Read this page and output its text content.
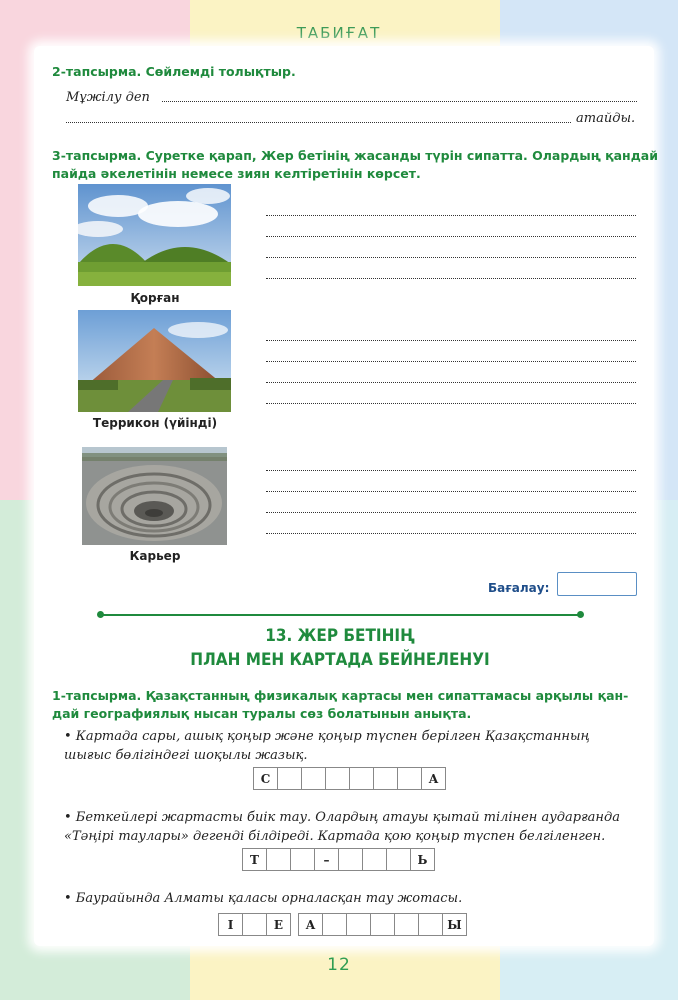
ТАБИҒАТ
2-тапсырма. Сөйлемді толықтыр.
Мұжілу деп
атайды.
3-тапсырма. Суретке қарап, Жер бетінің жасанды түрін сипатта. Олардың қандай
пайда әкелетінін немесе зиян келтіретінін көрсет.
Қорған
Террикон (үйінді)
Карьер
Бағалау:
13. ЖЕР БЕТІНІҢ
ПЛАН МЕН КАРТАДА БЕЙНЕЛЕНУІ
1-тапсырма. Қазақстанның физикалық картасы мен сипаттамасы арқылы қан-
дай географиялық нысан туралы сөз болатынын анықта.
• Картада сары, ашық қоңыр және қоңыр түспен берілген Қазақстанның
шығыс бөлігіндегі шоқылы жазық.
С	А
• Беткейлері жартасты биік тау. Олардың атауы қытай тілінен аударғанда
«Тәңірі таулары» дегенді білдіреді. Картада қою қоңыр түспен белгіленген.
Т	–	Ь
• Баурайында Алматы қаласы орналасқан тау жотасы.
І	Е	А	Ы
12
